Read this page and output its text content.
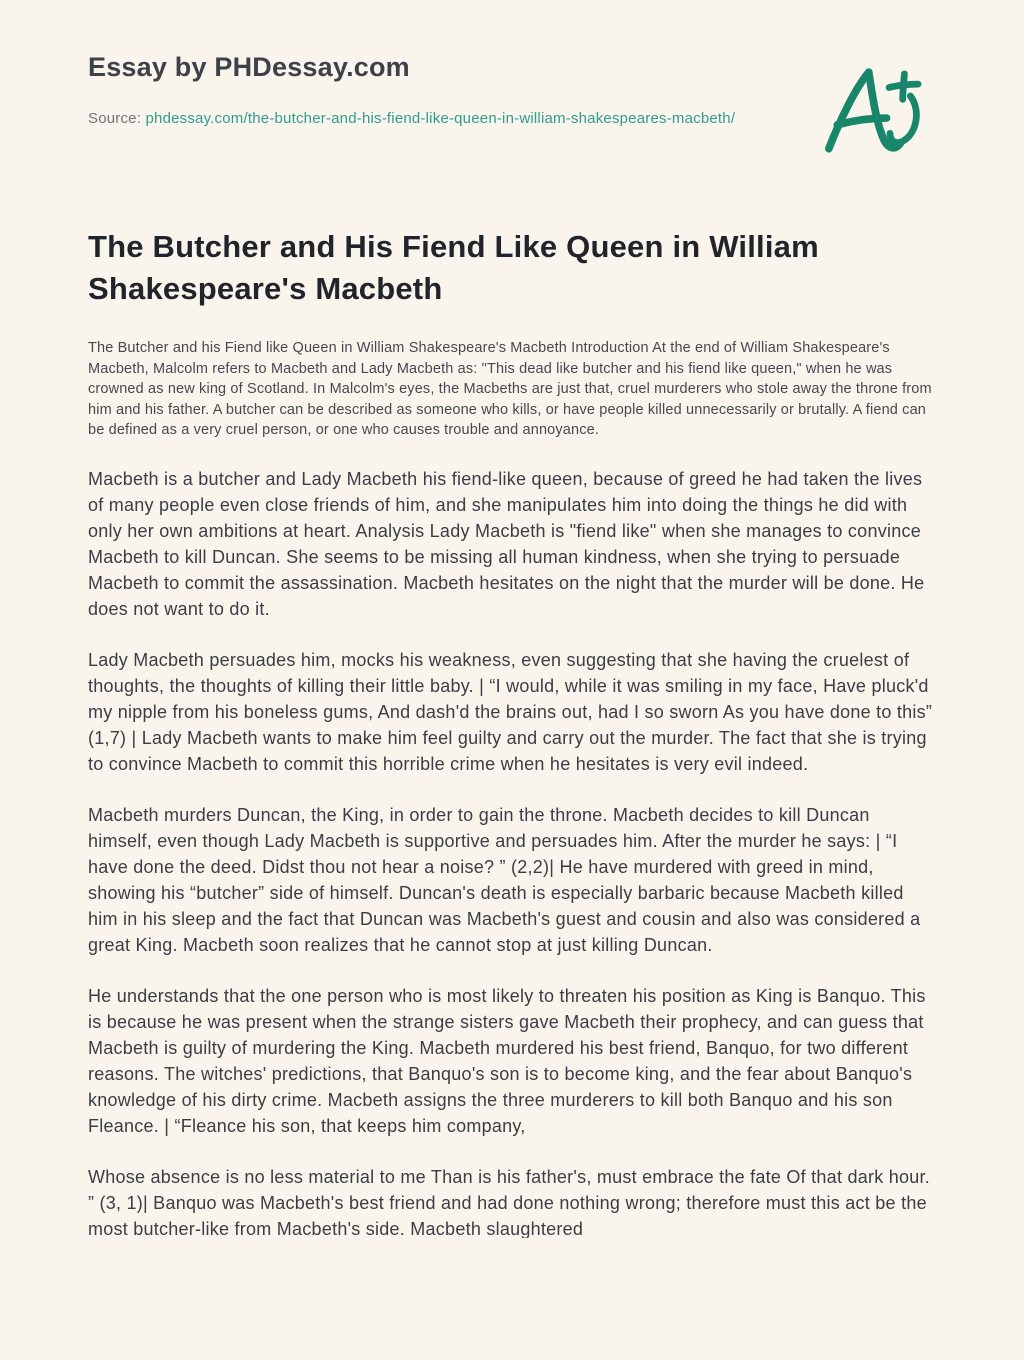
Essay by PHDessay.com
Source: phdessay.com/the-butcher-and-his-fiend-like-queen-in-william-shakespeares-macbeth/
The Butcher and His Fiend Like Queen in William Shakespeare's Macbeth

The Butcher and his Fiend like Queen in William Shakespeare's Macbeth Introduction At the end of William Shakespeare's Macbeth, Malcolm refers to Macbeth and Lady Macbeth as: "This dead like butcher and his fiend like queen," when he was crowned as new king of Scotland. In Malcolm's eyes, the Macbeths are just that, cruel murderers who stole away the throne from him and his father. A butcher can be described as someone who kills, or have people killed unnecessarily or brutally. A fiend can be defined as a very cruel person, or one who causes trouble and annoyance.

Macbeth is a butcher and Lady Macbeth his fiend-like queen, because of greed he had taken the lives of many people even close friends of him, and she manipulates him into doing the things he did with only her own ambitions at heart. Analysis Lady Macbeth is "fiend like" when she manages to convince Macbeth to kill Duncan. She seems to be missing all human kindness, when she trying to persuade Macbeth to commit the assassination. Macbeth hesitates on the night that the murder will be done. He does not want to do it.

Lady Macbeth persuades him, mocks his weakness, even suggesting that she having the cruelest of thoughts, the thoughts of killing their little baby. | “I would, while it was smiling in my face, Have pluck'd my nipple from his boneless gums, And dash'd the brains out, had I so sworn As you have done to this” (1,7) | Lady Macbeth wants to make him feel guilty and carry out the murder. The fact that she is trying to convince Macbeth to commit this horrible crime when he hesitates is very evil indeed.

Macbeth murders Duncan, the King, in order to gain the throne. Macbeth decides to kill Duncan himself, even though Lady Macbeth is supportive and persuades him. After the murder he says: | “I have done the deed. Didst thou not hear a noise? ” (2,2)| He have murdered with greed in mind, showing his “butcher” side of himself. Duncan's death is especially barbaric because Macbeth killed him in his sleep and the fact that Duncan was Macbeth's guest and cousin and also was considered a great King. Macbeth soon realizes that he cannot stop at just killing Duncan.

He understands that the one person who is most likely to threaten his position as King is Banquo. This is because he was present when the strange sisters gave Macbeth their prophecy, and can guess that Macbeth is guilty of murdering the King. Macbeth murdered his best friend, Banquo, for two different reasons. The witches' predictions, that Banquo's son is to become king, and the fear about Banquo's knowledge of his dirty crime. Macbeth assigns the three murderers to kill both Banquo and his son Fleance. | “Fleance his son, that keeps him company,

Whose absence is no less material to me Than is his father's, must embrace the fate Of that dark hour. ” (3, 1)| Banquo was Macbeth's best friend and had done nothing wrong; therefore must this act be the most butcher-like from Macbeth's side. Macbeth slaughtered
